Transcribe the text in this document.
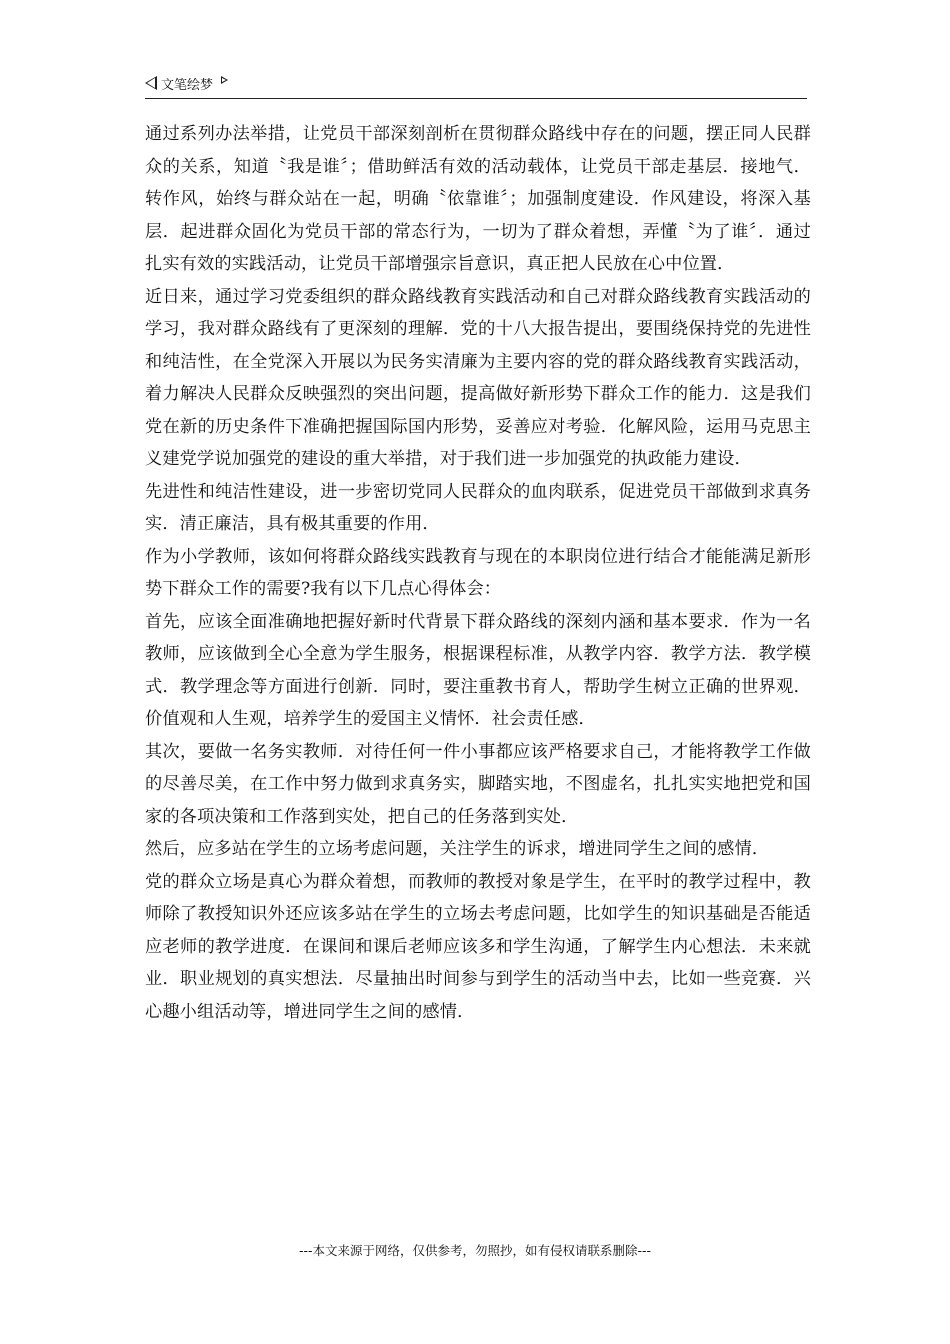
文笔绘梦

通过系列办法举措，让党员干部深刻剖析在贯彻群众路线中存在的问题，摆正同人民群众的关系，知道〝我是谁〞；借助鲜活有效的活动载体，让党员干部走基层．接地气．转作风，始终与群众站在一起，明确〝依靠谁〞；加强制度建设．作风建设，将深入基层．起进群众固化为党员干部的常态行为，一切为了群众着想，弄懂〝为了谁〞．通过扎实有效的实践活动，让党员干部增强宗旨意识，真正把人民放在心中位置．

近日来，通过学习党委组织的群众路线教育实践活动和自己对群众路线教育实践活动的学习，我对群众路线有了更深刻的理解．党的十八大报告提出，要围绕保持党的先进性和纯洁性，在全党深入开展以为民务实清廉为主要内容的党的群众路线教育实践活动，着力解决人民群众反映强烈的突出问题，提高做好新形势下群众工作的能力．这是我们党在新的历史条件下准确把握国际国内形势，妥善应对考验．化解风险，运用马克思主义建党学说加强党的建设的重大举措，对于我们进一步加强党的执政能力建设．

先进性和纯洁性建设，进一步密切党同人民群众的血肉联系，促进党员干部做到求真务实．清正廉洁，具有极其重要的作用．

作为小学教师，该如何将群众路线实践教育与现在的本职岗位进行结合才能能满足新形势下群众工作的需要?我有以下几点心得体会：

首先，应该全面准确地把握好新时代背景下群众路线的深刻内涵和基本要求．作为一名教师，应该做到全心全意为学生服务，根据课程标准，从教学内容．教学方法．教学模式．教学理念等方面进行创新．同时，要注重教书育人，帮助学生树立正确的世界观．价值观和人生观，培养学生的爱国主义情怀．社会责任感．

其次，要做一名务实教师．对待任何一件小事都应该严格要求自己，才能将教学工作做的尽善尽美，在工作中努力做到求真务实，脚踏实地，不图虚名，扎扎实实地把党和国家的各项决策和工作落到实处，把自己的任务落到实处．

然后，应多站在学生的立场考虑问题，关注学生的诉求，增进同学生之间的感情．

党的群众立场是真心为群众着想，而教师的教授对象是学生，在平时的教学过程中，教师除了教授知识外还应该多站在学生的立场去考虑问题，比如学生的知识基础是否能适应老师的教学进度．在课间和课后老师应该多和学生沟通，了解学生内心想法．未来就业．职业规划的真实想法．尽量抽出时间参与到学生的活动当中去，比如一些竞赛．兴心趣小组活动等，增进同学生之间的感情．

---本文来源于网络，仅供参考，勿照抄，如有侵权请联系删除---
